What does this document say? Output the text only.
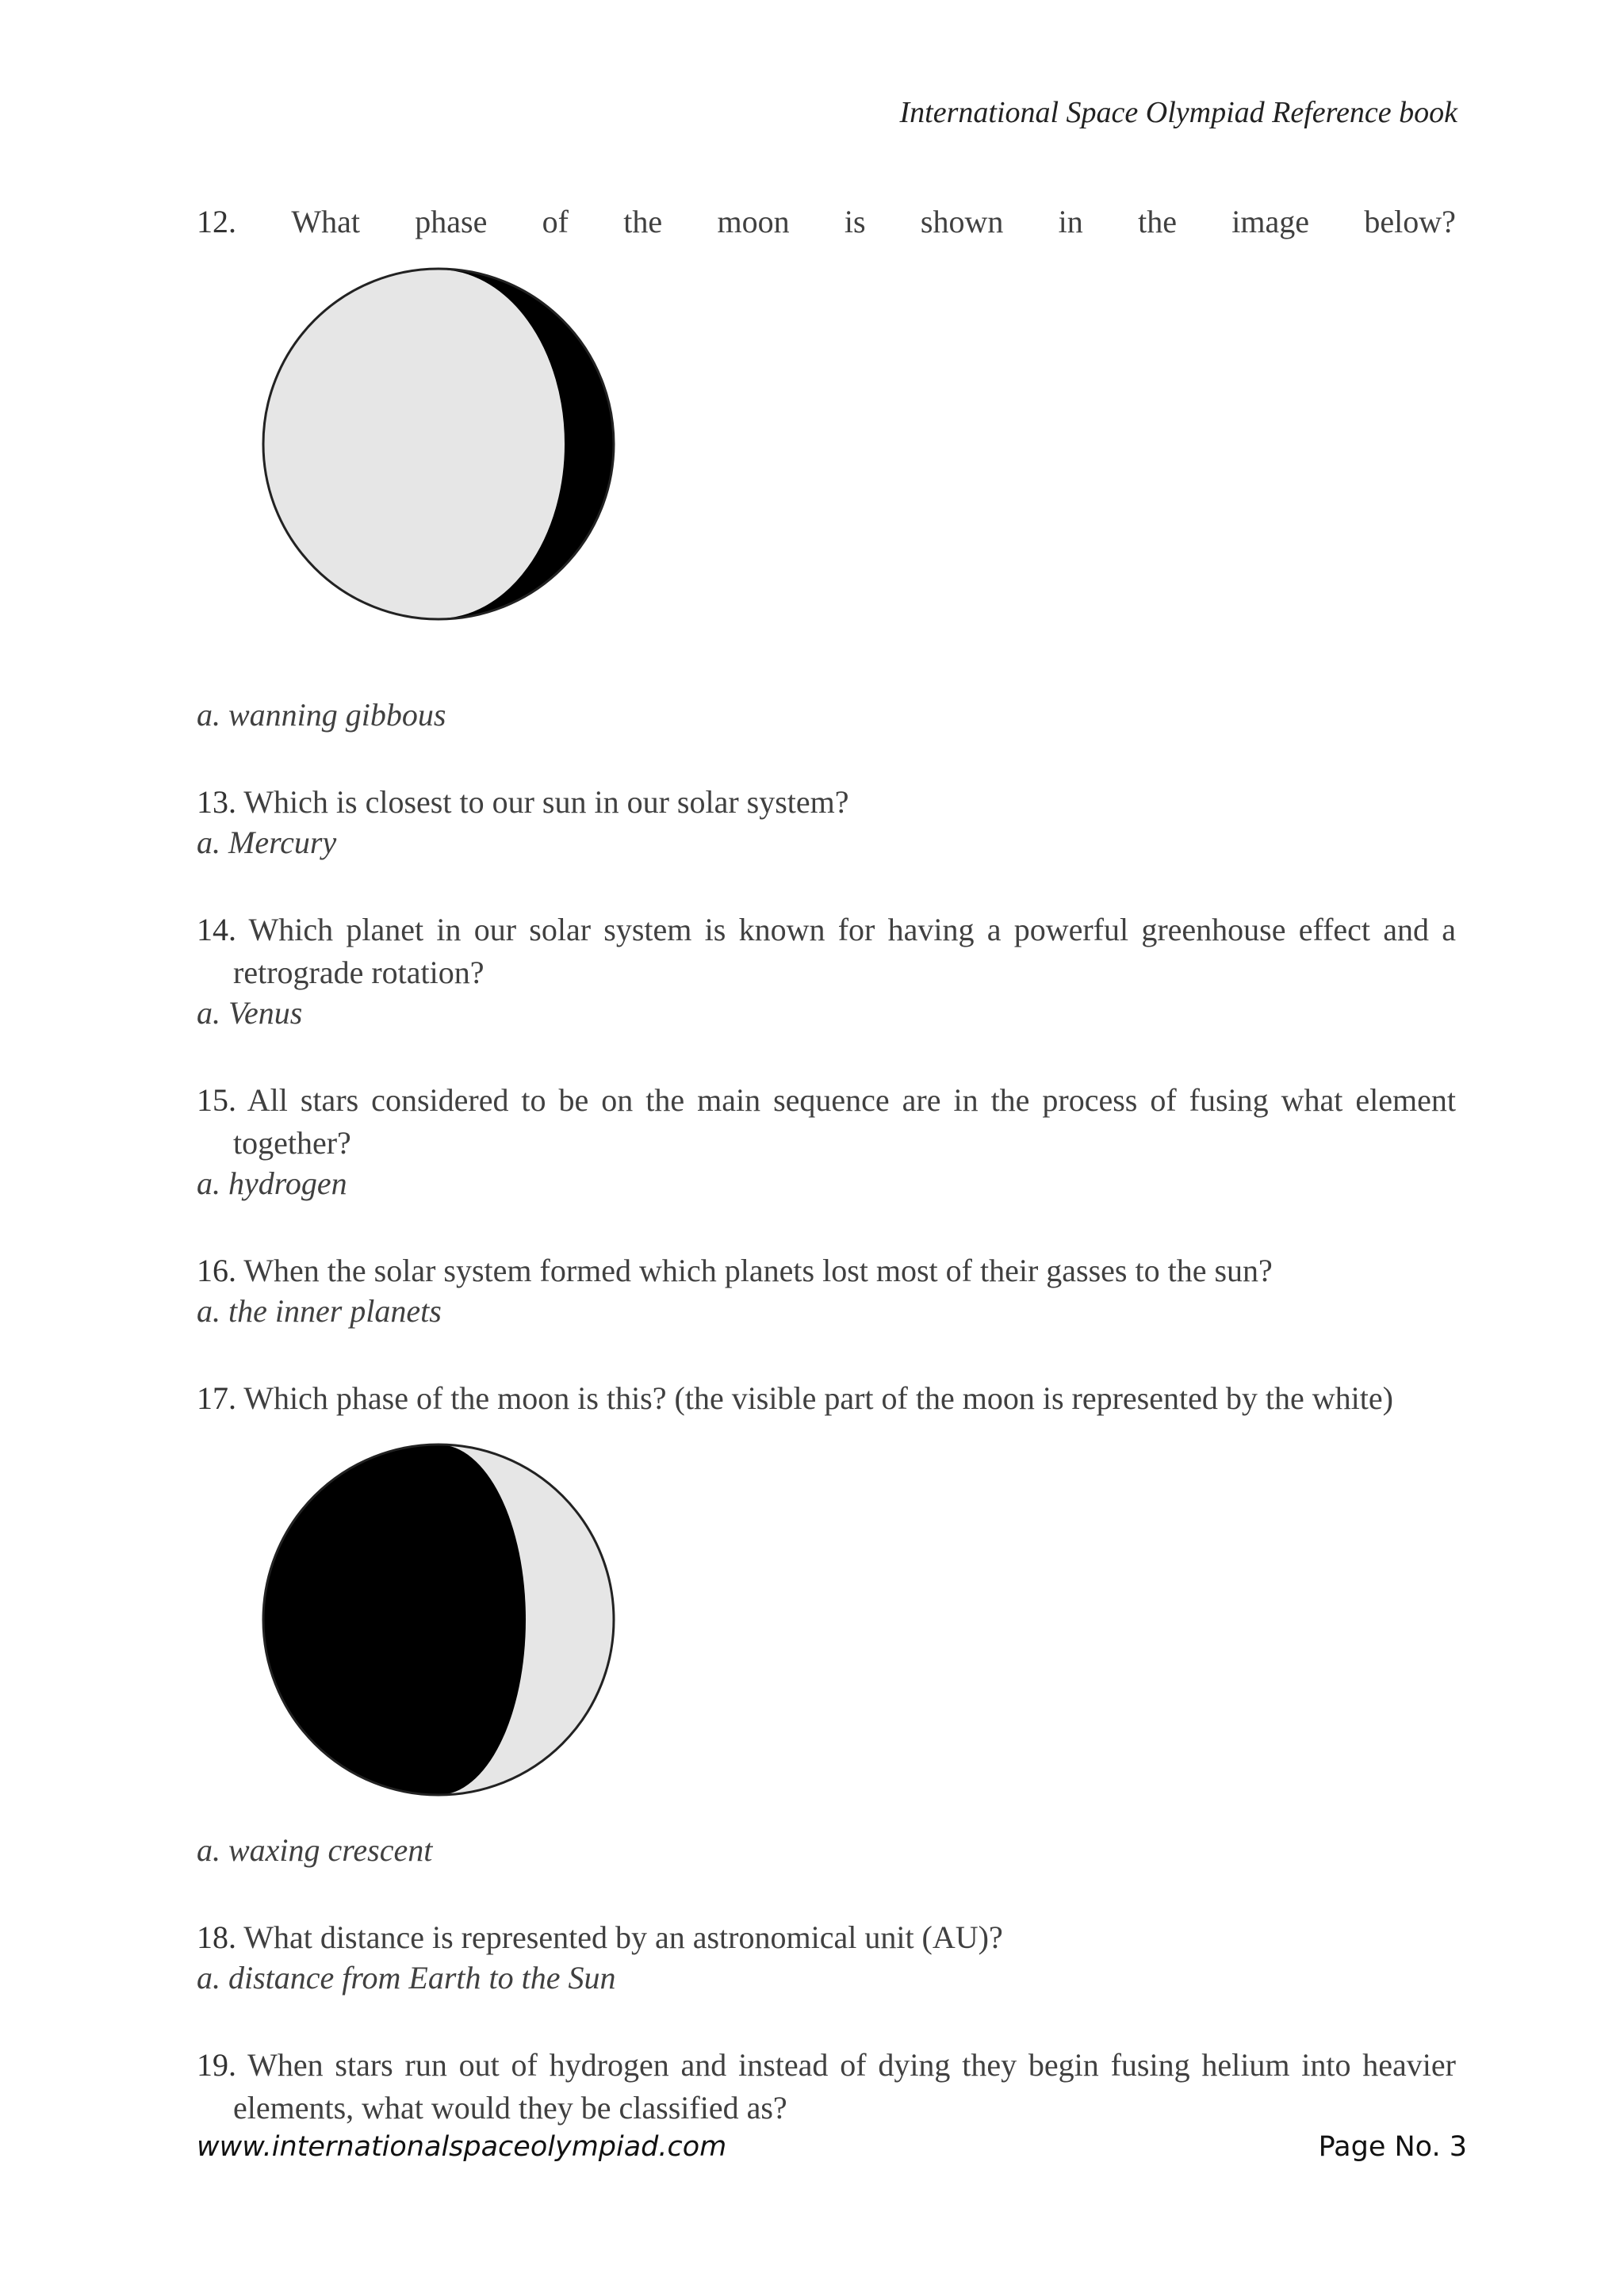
International Space Olympiad Reference book
12. What phase of the moon is shown in the image below?
a. wanning gibbous
13. Which is closest to our sun in our solar system?
a. Mercury
14. Which planet in our solar system is known for having a powerful greenhouse effect and a retrograde rotation?
a. Venus
15. All stars considered to be on the main sequence are in the process of fusing what element together?
a. hydrogen
16. When the solar system formed which planets lost most of their gasses to the sun?
a. the inner planets
17. Which phase of the moon is this? (the visible part of the moon is represented by the white)
a. waxing crescent
18. What distance is represented by an astronomical unit (AU)?
a. distance from Earth to the Sun
19. When stars run out of hydrogen and instead of dying they begin fusing helium into heavier elements, what would they be classified as?
www.internationalspaceolympiad.com	Page No. 3
